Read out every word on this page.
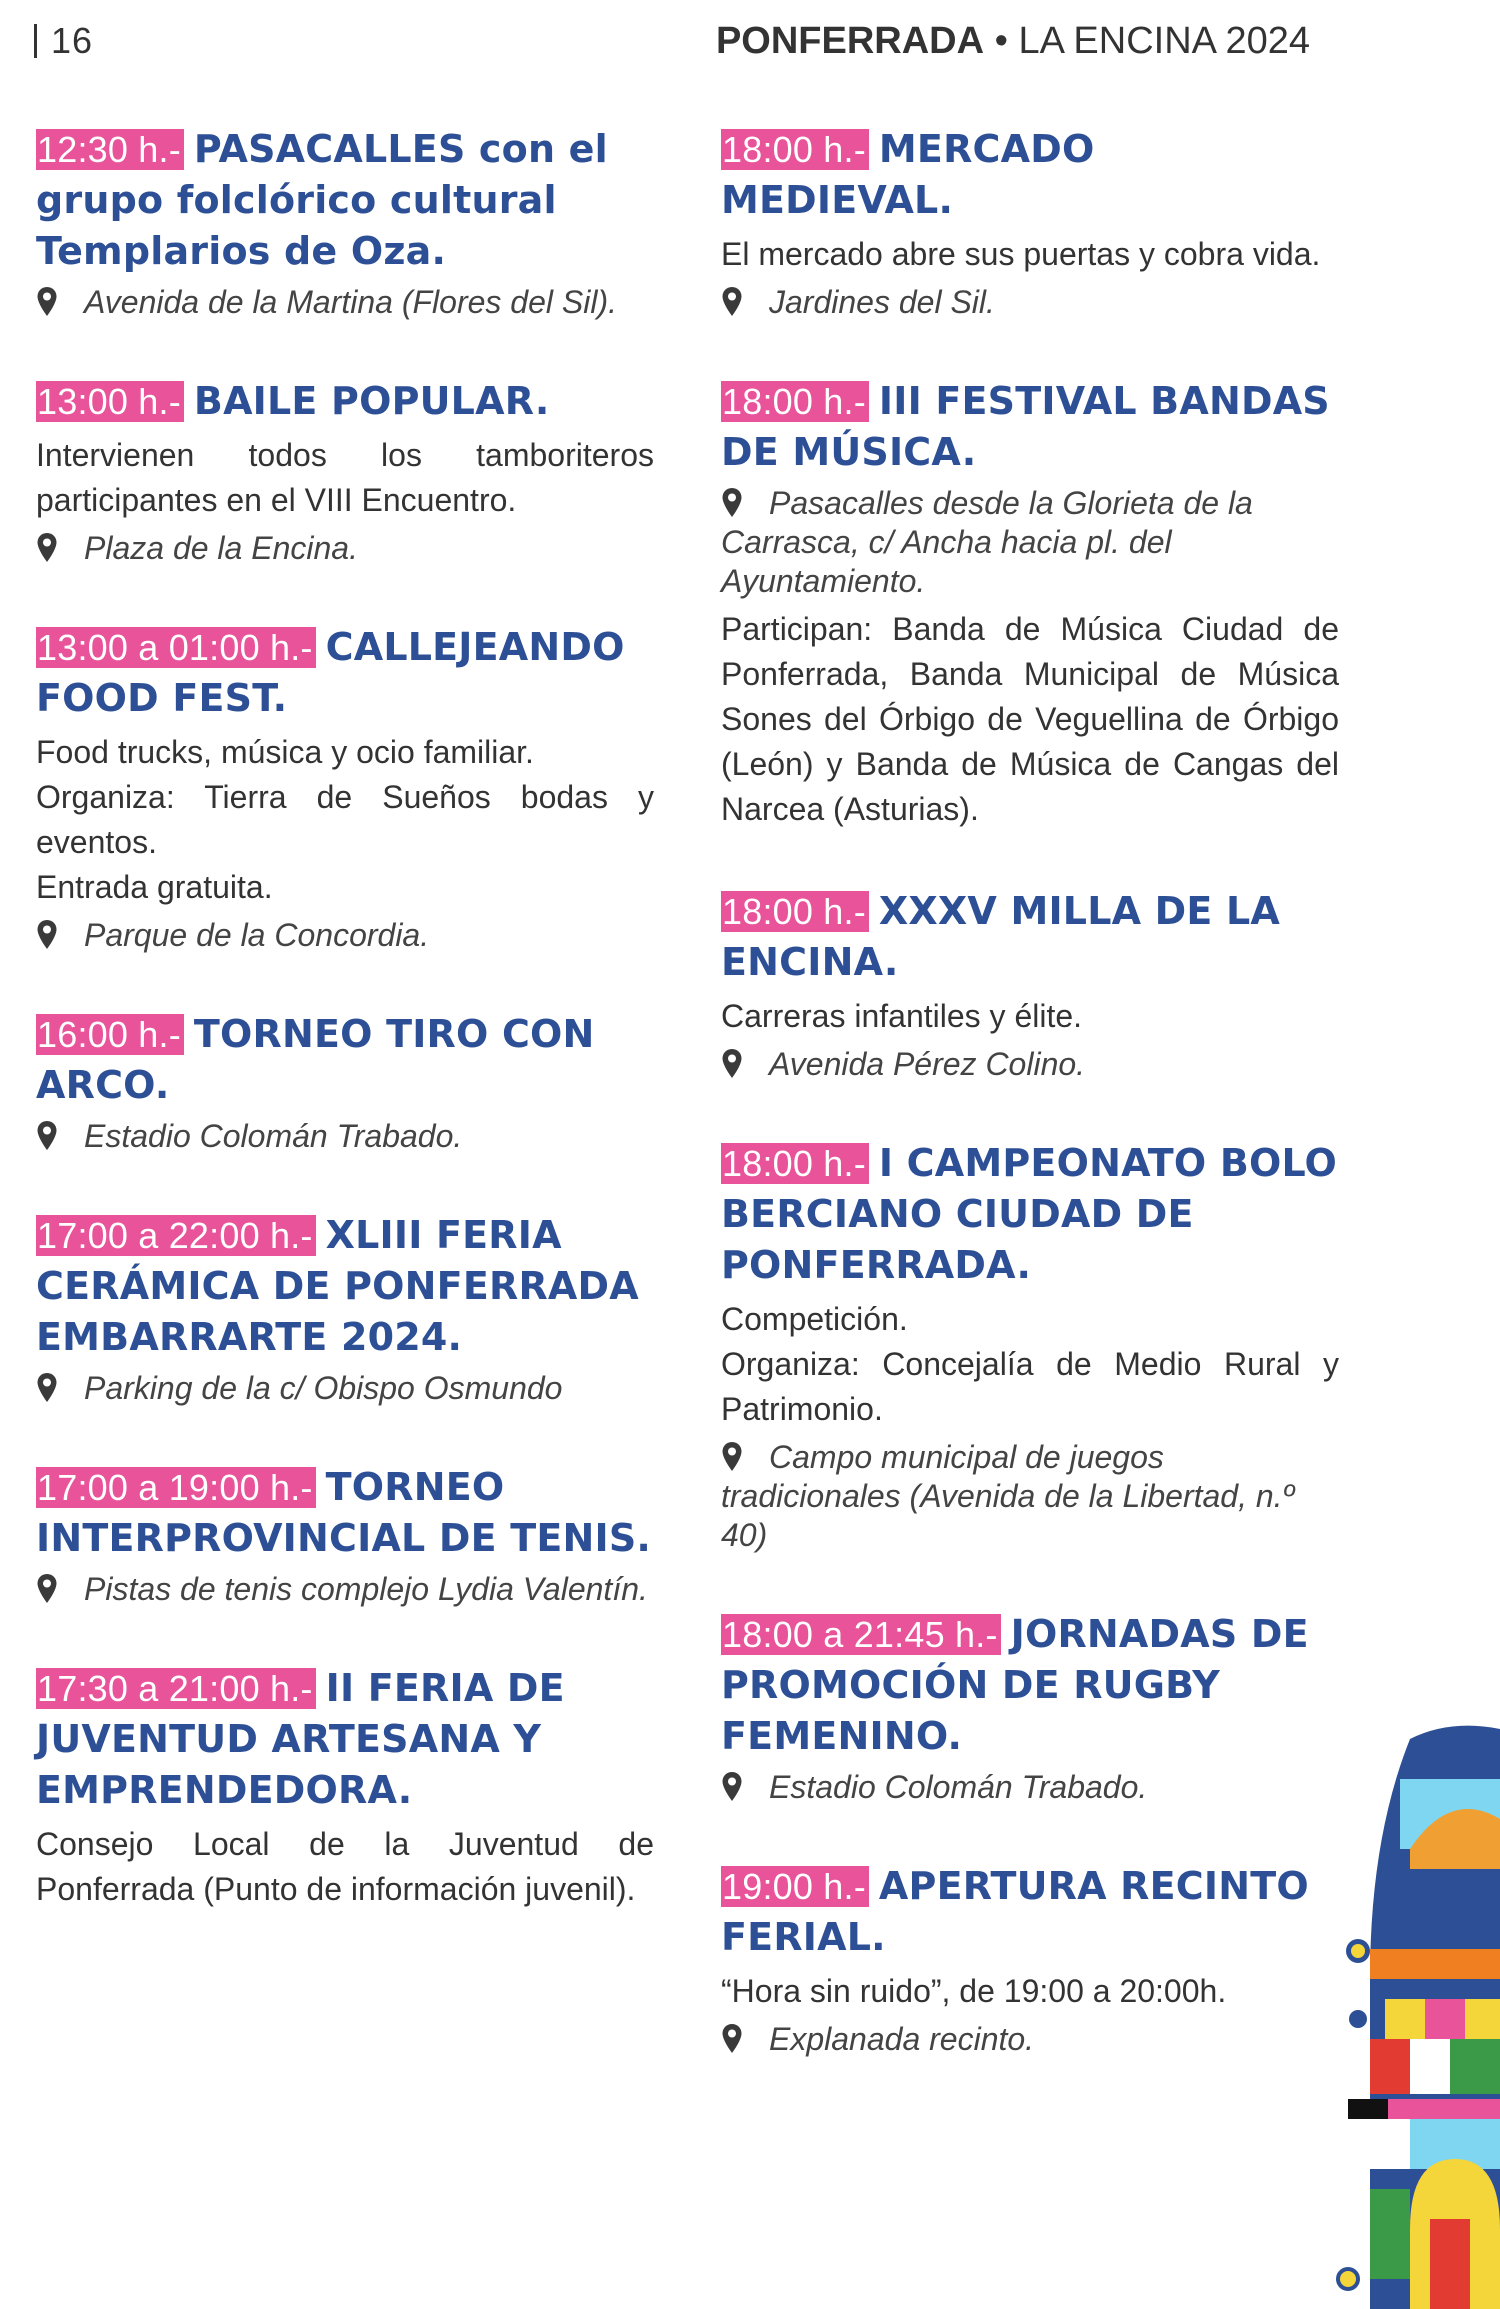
16	PONFERRADA • LA ENCINA 2024
12:30 h.- PASACALLES con el grupo folclórico cultural Templarios de Oza.
Avenida de la Martina (Flores del Sil).
13:00 h.- BAILE POPULAR.

Intervienen todos los tamboriteros participantes en el VIII Encuentro.

Plaza de la Encina.
13:00 a 01:00 h.- CALLEJEANDO FOOD FEST.

Food trucks, música y ocio familiar.

Organiza: Tierra de Sueños bodas y eventos.

Entrada gratuita.

Parque de la Concordia.
16:00 h.- TORNEO TIRO CON ARCO.
Estadio Colomán Trabado.
17:00 a 22:00 h.- XLIII FERIA CERÁMICA DE PONFERRADA EMBARRARTE 2024.
Parking de la c/ Obispo Osmundo
17:00 a 19:00 h.- TORNEO INTERPROVINCIAL DE TENIS.
Pistas de tenis complejo Lydia Valentín.
17:30 a 21:00 h.- II FERIA DE JUVENTUD ARTESANA Y EMPRENDEDORA.

Consejo Local de la Juventud de Ponferrada (Punto de información juvenil).

18:00 h.- MERCADO MEDIEVAL.

El mercado abre sus puertas y cobra vida.

Jardines del Sil.
18:00 h.- III FESTIVAL BANDAS DE MÚSICA.
Pasacalles desde la Glorieta de la Carrasca, c/ Ancha hacia pl. del Ayuntamiento.

Participan: Banda de Música Ciudad de Ponferrada, Banda Municipal de Música Sones del Órbigo de Veguellina de Órbigo (León) y Banda de Música de Cangas del Narcea (Asturias).

18:00 h.- XXXV MILLA DE LA ENCINA.

Carreras infantiles y élite.

Avenida Pérez Colino.
18:00 h.- I CAMPEONATO BOLO BERCIANO CIUDAD DE PONFERRADA.

Competición.

Organiza: Concejalía de Medio Rural y Patrimonio.

Campo municipal de juegos tradicionales (Avenida de la Libertad, n.º 40)
18:00 a 21:45 h.- JORNADAS DE PROMOCIÓN DE RUGBY FEMENINO.
Estadio Colomán Trabado.
19:00 h.- APERTURA RECINTO FERIAL.

“Hora sin ruido”, de 19:00 a 20:00h.

Explanada recinto.
